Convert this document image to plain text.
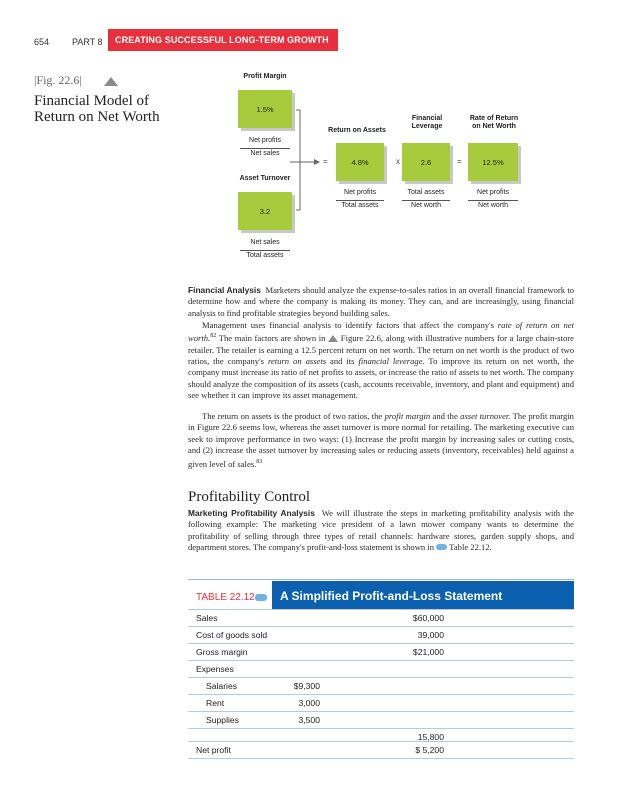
654	PART 8 CREATING SUCCESSFUL LONG-TERM GROWTH
|Fig. 22.6|
Financial Model of
Return on Net Worth
Profit Margin
1.5%
Net profits
Net sales
Asset Turnover
3.2
Net sales
Total assets
=
Return on Assets
4.8%
Net profits
Total assets
x
Financial
Leverage
2.6
Total assets
Net worth
=
Rate of Return
on Net Worth
12.5%
Net profits
Net worth
Financial Analysis Marketers should analyze the expense-to-sales ratios in an overall financial framework to determine how and where the company is making its money. They can, and are increasingly, using financial analysis to find profitable strategies beyond building sales.
Management uses financial analysis to identify factors that affect the company's rate of return on net worth.$^{82}$ The main factors are shown in  Figure 22.6, along with illustrative numbers for a large chain-store retailer. The retailer is earning a 12.5 percent return on net worth. The return on net worth is the product of two ratios, the company's return on assets and its financial leverage. To improve its return on net worth, the company must increase its ratio of net profits to assets, or increase the ratio of assets to net worth. The company should analyze the composition of its assets (cash, accounts receivable, inventory, and plant and equipment) and see whether it can improve its asset management.
The return on assets is the product of two ratios, the profit margin and the asset turnover. The profit margin in Figure 22.6 seems low, whereas the asset turnover is more normal for retailing. The marketing executive can seek to improve performance in two ways: (1) Increase the profit margin by increasing sales or cutting costs, and (2) increase the asset turnover by increasing sales or reducing assets (inventory, receivables) held against a given level of sales.$^{83}$
Profitability Control
Marketing Profitability Analysis We will illustrate the steps in marketing profitability analysis with the following example: The marketing vice president of a lawn mower company wants to determine the profitability of selling through three types of retail channels: hardware stores, garden supply shops, and department stores. The company's profit-and-loss statement is shown in  Table 22.12.
TABLE 22.12 A Simplified Profit-and-Loss Statement
Sales	$60,000
Cost of goods sold	39,000
Gross margin	$21,000
Expenses
Salaries	$9,300
Rent	3,000
Supplies	3,500
15,800
Net profit	$ 5,200
